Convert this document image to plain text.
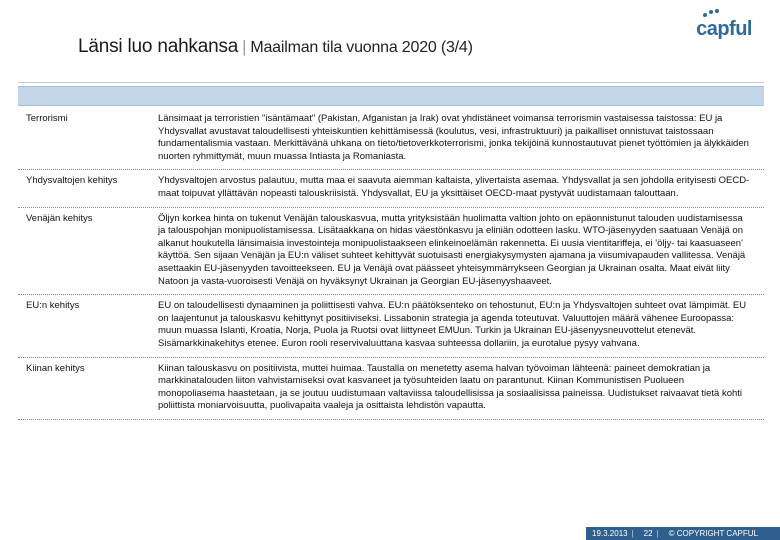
Länsi luo nahkansa | Maailman tila vuonna 2020 (3/4)
capful
Terrorismi	Länsimaat ja terroristien "isäntämaat" (Pakistan, Afganistan ja Irak) ovat yhdistäneet voimansa terrorismin vastaisessa taistossa: EU ja Yhdysvallat avustavat taloudellisesti yhteiskuntien kehittämisessä (koulutus, vesi, infrastruktuuri) ja paikalliset onnistuvat taistossaan fundamentalismia vastaan. Merkittävänä uhkana on tieto/tietoverkkoterrorismi, jonka tekijöinä kunnostautuvat pienet työttömien ja älykkäiden nuorten ryhmittymät, muun muassa Intiasta ja Romaniasta.
Yhdysvaltojen kehitys	Yhdysvaltojen arvostus palautuu, mutta maa ei saavuta aiemman kaltaista, ylivertaista asemaa. Yhdysvallat ja sen johdolla erityisesti OECD-maat toipuvat yllättävän nopeasti talouskriisistä. Yhdysvallat, EU ja yksittäiset OECD-maat pystyvät uudistamaan talouttaan.
Venäjän kehitys	Öljyn korkea hinta on tukenut Venäjän talouskasvua, mutta yrityksistään huolimatta valtion johto on epäonnistunut talouden uudistamisessa ja talouspohjan monipuolistamisessa. Lisätaakkana on hidas väestönkasvu ja eliniän odotteen lasku. WTO-jäsenyyden saatuaan Venäjä on alkanut houkutella länsimaisia investointeja monipuolistaakseen elinkeinoelämän rakennetta. Ei uusia vientitariffeja, ei 'öljy- tai kaasuaseen' käyttöä. Sen sijaan Venäjän ja EU:n väliset suhteet kehittyvät suotuisasti energiakysymysten ajamana ja viisumivapauden vallitessa. Venäjä asettaakin EU-jäsenyyden tavoitteekseen. EU ja Venäjä ovat päässeet yhteisymmärrykseen Georgian ja Ukrainan osalta. Maat eivät liity Natoon ja vasta-vuoroisesti Venäjä on hyväksynyt Ukrainan ja Georgian EU-jäsenyyshaaveet.
EU:n kehitys	EU on taloudellisesti dynaaminen ja poliittisesti vahva. EU:n päätöksenteko on tehostunut, EU:n ja Yhdysvaltojen suhteet ovat lämpimät. EU on laajentunut ja talouskasvu kehittynyt positiiviseksi. Lissabonin strategia ja agenda toteutuvat. Valuuttojen määrä vähenee Euroopassa: muun muassa Islanti, Kroatia, Norja, Puola ja Ruotsi ovat liittyneet EMUun. Turkin ja Ukrainan EU-jäsenyysneuvottelut etenevät. Sisämarkkinakehitys etenee. Euron rooli reservivaluuttana kasvaa suhteessa dollariin, ja eurotalue pysyy vahvana.
Kiinan kehitys	Kiinan talouskasvu on positiivista, muttei huimaa. Taustalla on menetetty asema halvan työvoiman lähteenä: paineet demokratian ja markkinatalouden liiton vahvistamiseksi ovat kasvaneet ja työsuhteiden laatu on parantunut. Kiinan Kommunistisen Puolueen monopoliasema haastetaan, ja se joutuu uudistumaan valtaviissa taloudellisissa ja sosiaalisissa paineissa. Uudistukset raivaavat tietä kohti poliittista moniarvoisuutta, puolivapaita vaaleja ja osittaista lehdistön vapautta.
19.3.2013 | 22 | © COPYRIGHT CAPFUL
